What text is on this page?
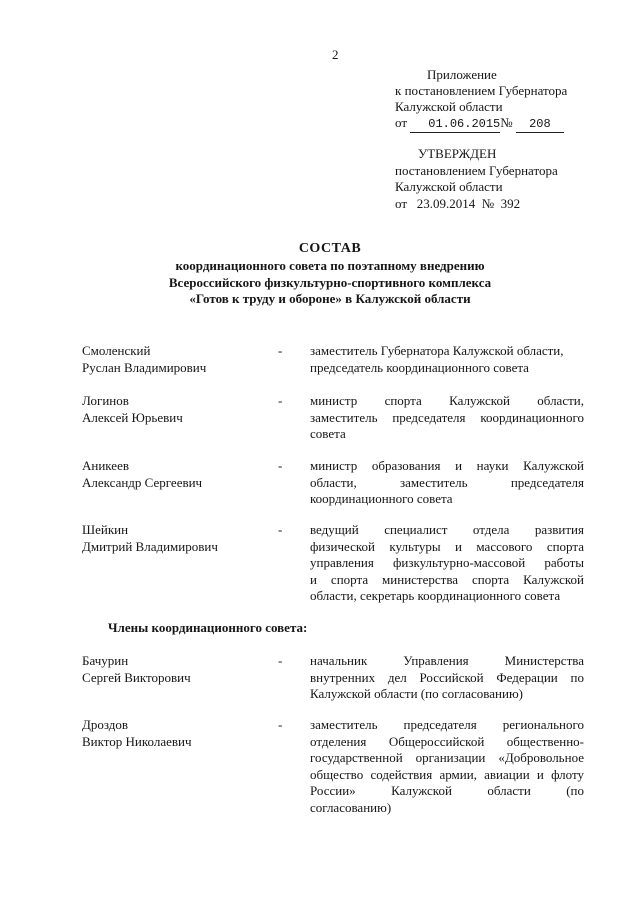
2
Приложение
к постановлением Губернатора
Калужской области
от 01.06.2015№ 208
УТВЕРЖДЕН
постановлением Губернатора
Калужской области
от   23.09.2014  №  392
СОСТАВ
координационного совета по поэтапному внедрению
Всероссийского физкультурно-спортивного комплекса
«Готов к труду и обороне» в Калужской области
Смоленский
Руслан Владимирович
- заместитель Губернатора Калужской области,
председатель координационного совета
Логинов
Алексей Юрьевич
- министр спорта Калужской области,
заместитель председателя координационного
совета
Аникеев
Александр Сергеевич
- министр образования и науки Калужской
области, заместитель председателя
координационного совета
Шейкин
Дмитрий Владимирович
- ведущий специалист отдела развития
физической культуры и массового спорта
управления физкультурно-массовой работы
и спорта министерства спорта Калужской
области, секретарь координационного совета
Члены координационного совета:
Бачурин
Сергей Викторович
- начальник Управления Министерства
внутренних дел Российской Федерации по
Калужской области (по согласованию)
Дроздов
Виктор Николаевич
- заместитель председателя регионального
отделения Общероссийской общественно-
государственной организации «Добровольное
общество содействия армии, авиации и флоту
России» Калужской области (по
согласованию)
